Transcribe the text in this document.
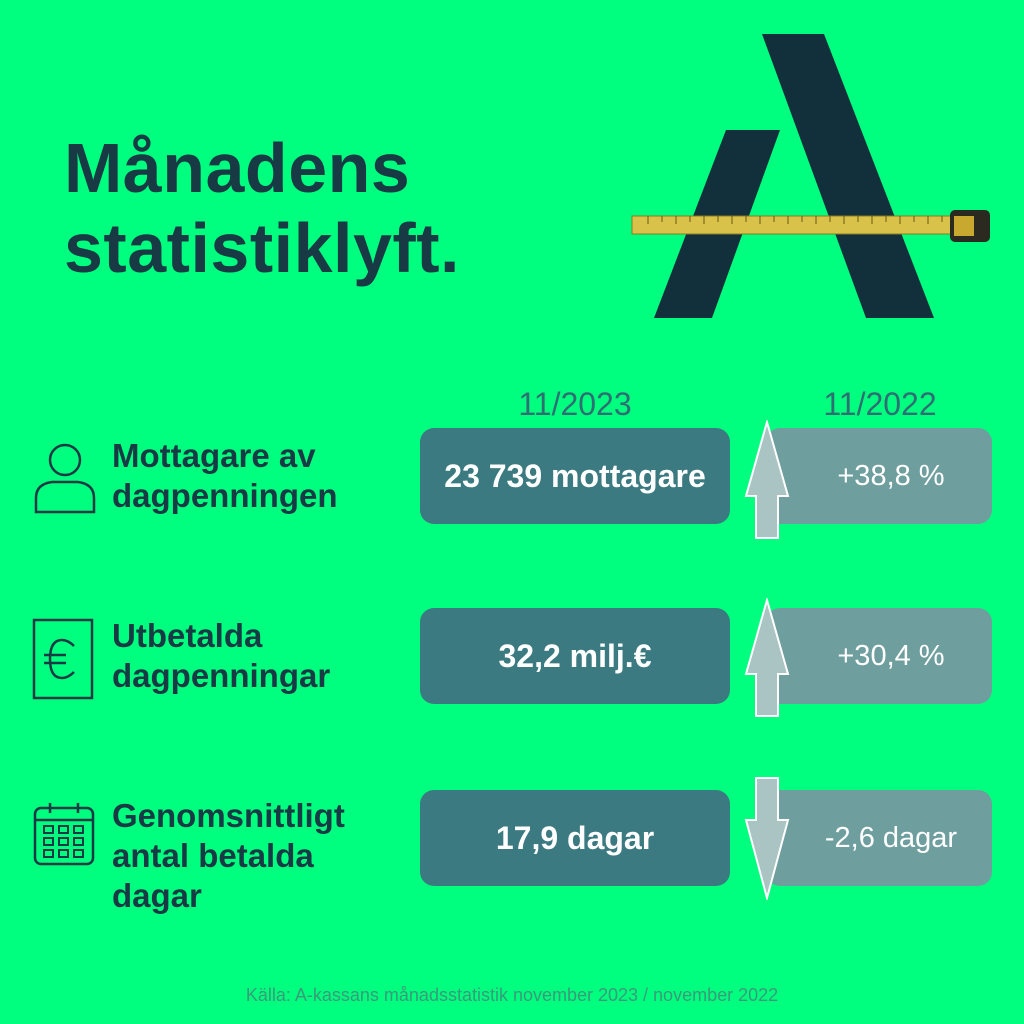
Månadens
statistiklyft.
11/2023	11/2022
Mottagare av
dagpenningen
23 739 mottagare	+38,8 %
Utbetalda
dagpenningar
32,2 milj.€	+30,4 %
Genomsnittligt
antal betalda
dagar
17,9 dagar	-2,6 dagar
Källa: A-kassans månadsstatistik november 2023 / november 2022
